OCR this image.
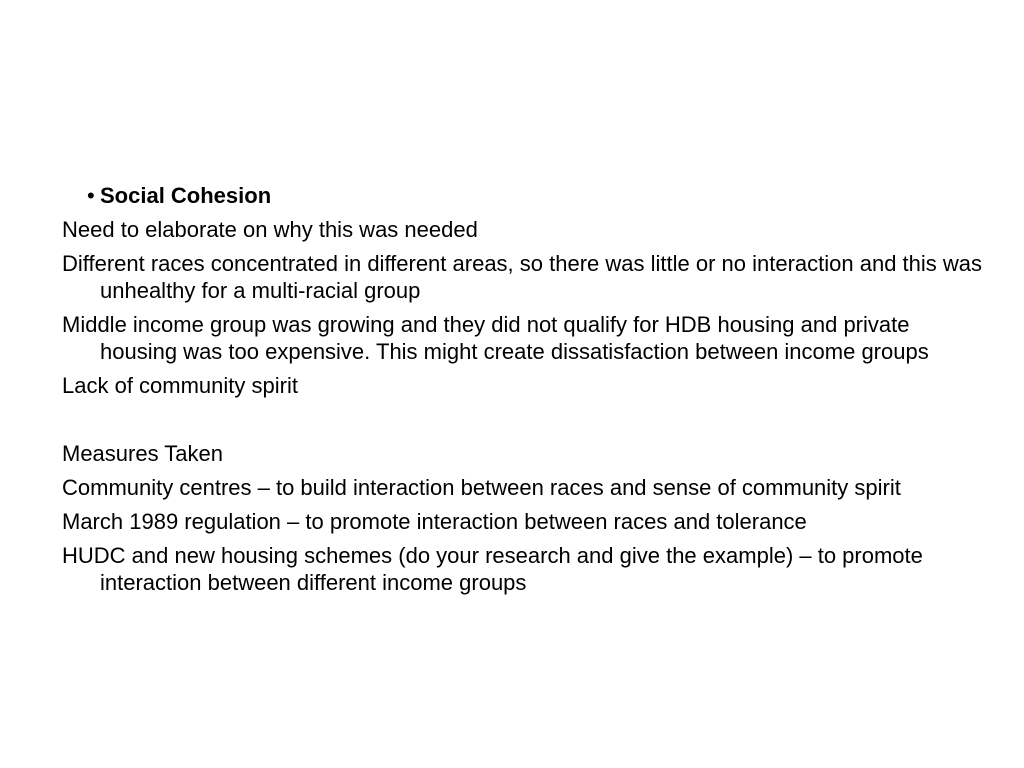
• Social Cohesion
Need to elaborate on why this was needed
Different races concentrated in different areas, so there was little or no interaction and this was unhealthy for a multi-racial group
Middle income group was growing and they did not qualify for HDB housing and private housing was too expensive. This might create dissatisfaction between income groups
Lack of community spirit
Measures Taken
Community centres – to build interaction between races and sense of community spirit
March 1989 regulation – to promote interaction between races and tolerance
HUDC and new housing schemes (do your research and give the example) – to promote interaction between different income groups
